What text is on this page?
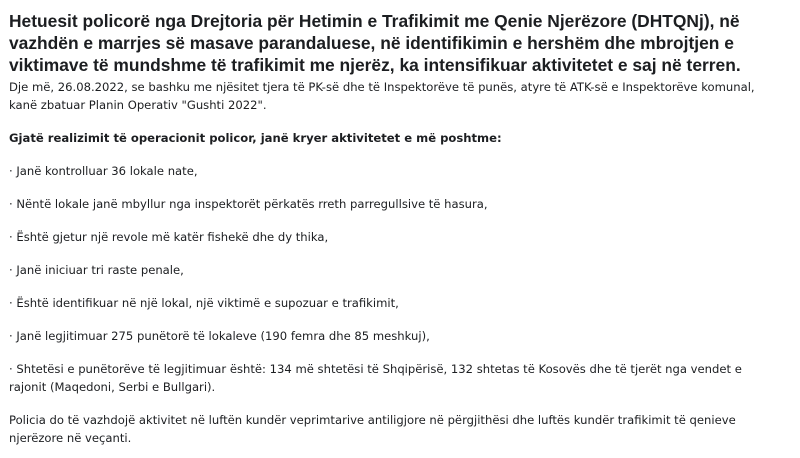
Hetuesit policorë nga Drejtoria për Hetimin e Trafikimit me Qenie Njerëzore (DHTQNj), në vazhdën e marrjes së masave parandaluese, në identifikimin e hershëm dhe mbrojtjen e viktimave të mundshme të trafikimit me njerëz, ka intensifikuar aktivitetet e saj në terren.

Dje më, 26.08.2022, se bashku me njësitet tjera të PK-së dhe të Inspektorëve të punës, atyre të ATK-së e Inspektorëve komunal, kanë zbatuar Planin Operativ "Gushti 2022".

Gjatë realizimit të operacionit policor, janë kryer aktivitetet e më poshtme:

· Janë kontrolluar 36 lokale nate,
· Nëntë lokale janë mbyllur nga inspektorët përkatës rreth parregullsive të hasura,
· Është gjetur një revole më katër fishekë dhe dy thika,
· Janë iniciuar tri raste penale,
· Është identifikuar në një lokal, një viktimë e supozuar e trafikimit,
· Janë legjitimuar 275 punëtorë të lokaleve (190 femra dhe 85 meshkuj),
· Shtetësi e punëtorëve të legjitimuar është: 134 më shtetësi të Shqipërisë, 132 shtetas të Kosovës dhe të tjerët nga vendet e rajonit (Maqedoni, Serbi e Bullgari).

Policia do të vazhdojë aktivitet në luftën kundër veprimtarive antiligjore në përgjithësi dhe luftës kundër trafikimit të qenieve njerëzore në veçanti.
